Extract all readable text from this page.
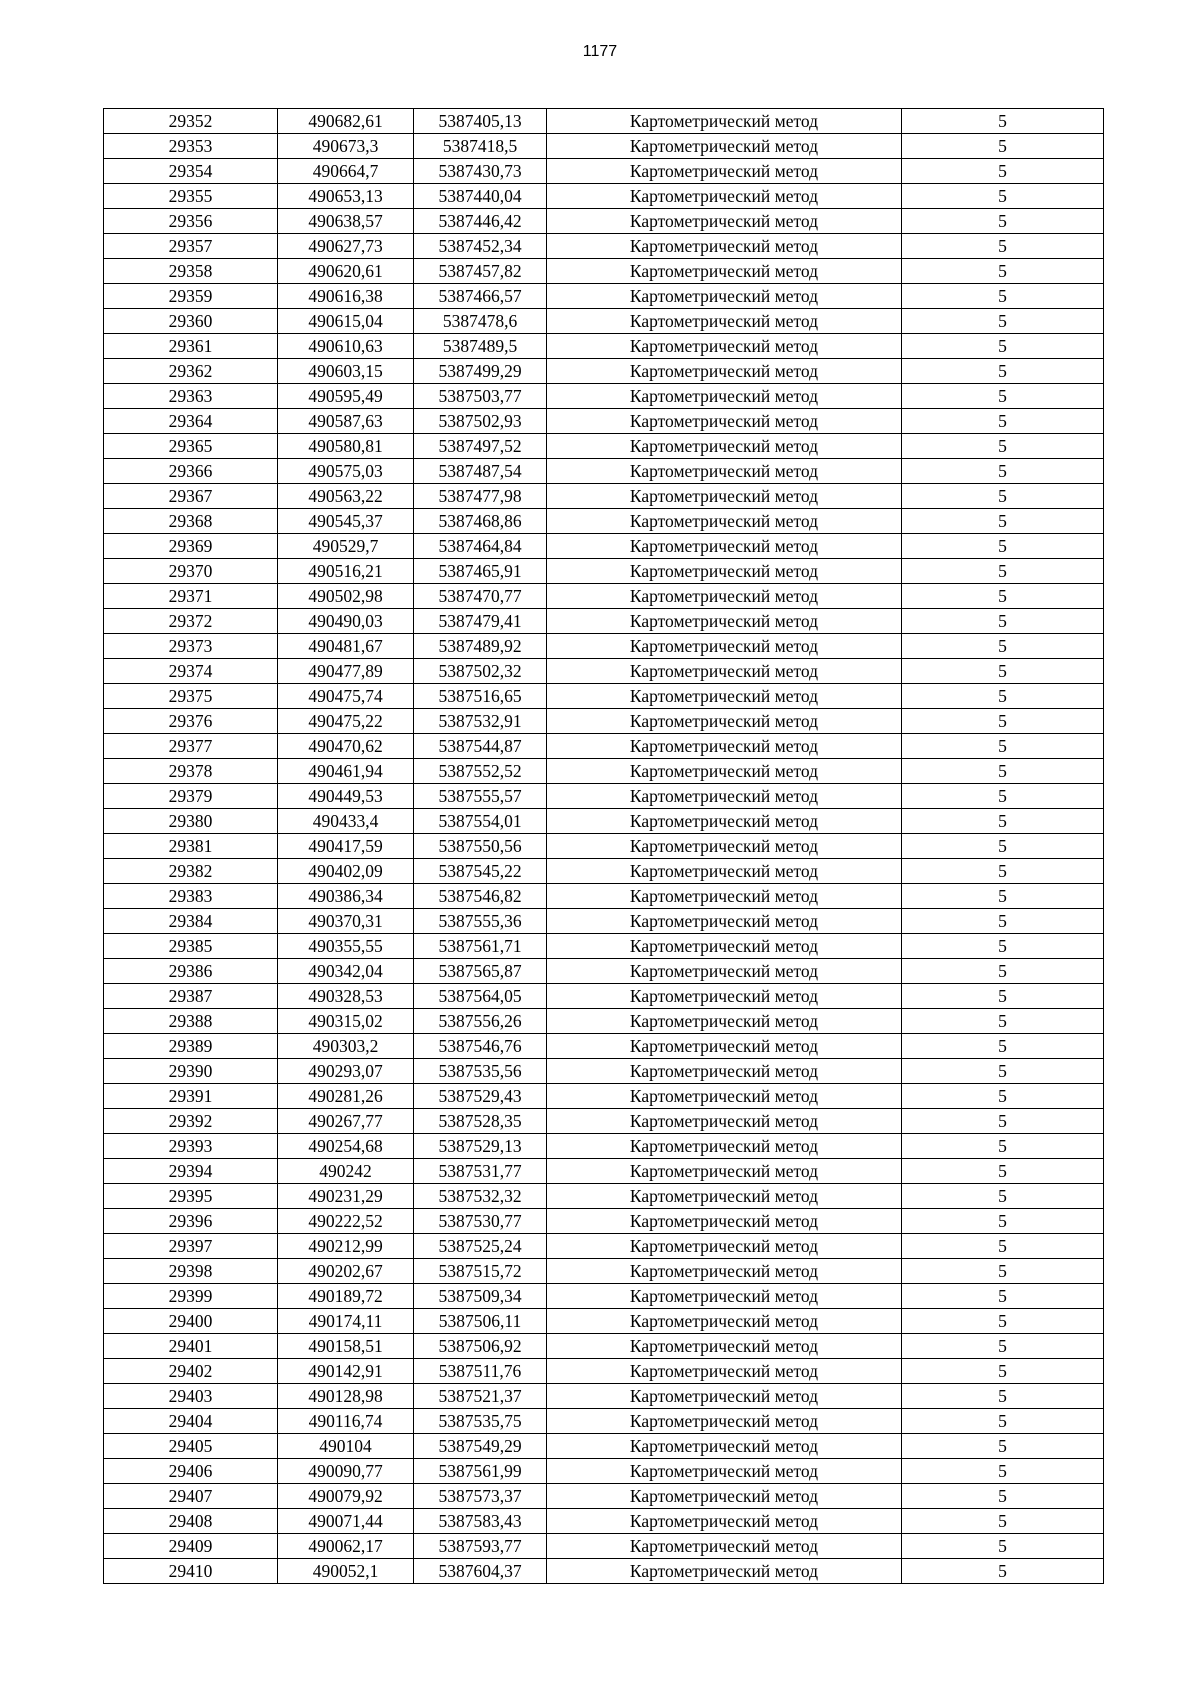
1177
29352	490682,61	5387405,13	Картометрический метод	5
29353	490673,3	5387418,5	Картометрический метод	5
29354	490664,7	5387430,73	Картометрический метод	5
29355	490653,13	5387440,04	Картометрический метод	5
29356	490638,57	5387446,42	Картометрический метод	5
29357	490627,73	5387452,34	Картометрический метод	5
29358	490620,61	5387457,82	Картометрический метод	5
29359	490616,38	5387466,57	Картометрический метод	5
29360	490615,04	5387478,6	Картометрический метод	5
29361	490610,63	5387489,5	Картометрический метод	5
29362	490603,15	5387499,29	Картометрический метод	5
29363	490595,49	5387503,77	Картометрический метод	5
29364	490587,63	5387502,93	Картометрический метод	5
29365	490580,81	5387497,52	Картометрический метод	5
29366	490575,03	5387487,54	Картометрический метод	5
29367	490563,22	5387477,98	Картометрический метод	5
29368	490545,37	5387468,86	Картометрический метод	5
29369	490529,7	5387464,84	Картометрический метод	5
29370	490516,21	5387465,91	Картометрический метод	5
29371	490502,98	5387470,77	Картометрический метод	5
29372	490490,03	5387479,41	Картометрический метод	5
29373	490481,67	5387489,92	Картометрический метод	5
29374	490477,89	5387502,32	Картометрический метод	5
29375	490475,74	5387516,65	Картометрический метод	5
29376	490475,22	5387532,91	Картометрический метод	5
29377	490470,62	5387544,87	Картометрический метод	5
29378	490461,94	5387552,52	Картометрический метод	5
29379	490449,53	5387555,57	Картометрический метод	5
29380	490433,4	5387554,01	Картометрический метод	5
29381	490417,59	5387550,56	Картометрический метод	5
29382	490402,09	5387545,22	Картометрический метод	5
29383	490386,34	5387546,82	Картометрический метод	5
29384	490370,31	5387555,36	Картометрический метод	5
29385	490355,55	5387561,71	Картометрический метод	5
29386	490342,04	5387565,87	Картометрический метод	5
29387	490328,53	5387564,05	Картометрический метод	5
29388	490315,02	5387556,26	Картометрический метод	5
29389	490303,2	5387546,76	Картометрический метод	5
29390	490293,07	5387535,56	Картометрический метод	5
29391	490281,26	5387529,43	Картометрический метод	5
29392	490267,77	5387528,35	Картометрический метод	5
29393	490254,68	5387529,13	Картометрический метод	5
29394	490242	5387531,77	Картометрический метод	5
29395	490231,29	5387532,32	Картометрический метод	5
29396	490222,52	5387530,77	Картометрический метод	5
29397	490212,99	5387525,24	Картометрический метод	5
29398	490202,67	5387515,72	Картометрический метод	5
29399	490189,72	5387509,34	Картометрический метод	5
29400	490174,11	5387506,11	Картометрический метод	5
29401	490158,51	5387506,92	Картометрический метод	5
29402	490142,91	5387511,76	Картометрический метод	5
29403	490128,98	5387521,37	Картометрический метод	5
29404	490116,74	5387535,75	Картометрический метод	5
29405	490104	5387549,29	Картометрический метод	5
29406	490090,77	5387561,99	Картометрический метод	5
29407	490079,92	5387573,37	Картометрический метод	5
29408	490071,44	5387583,43	Картометрический метод	5
29409	490062,17	5387593,77	Картометрический метод	5
29410	490052,1	5387604,37	Картометрический метод	5
